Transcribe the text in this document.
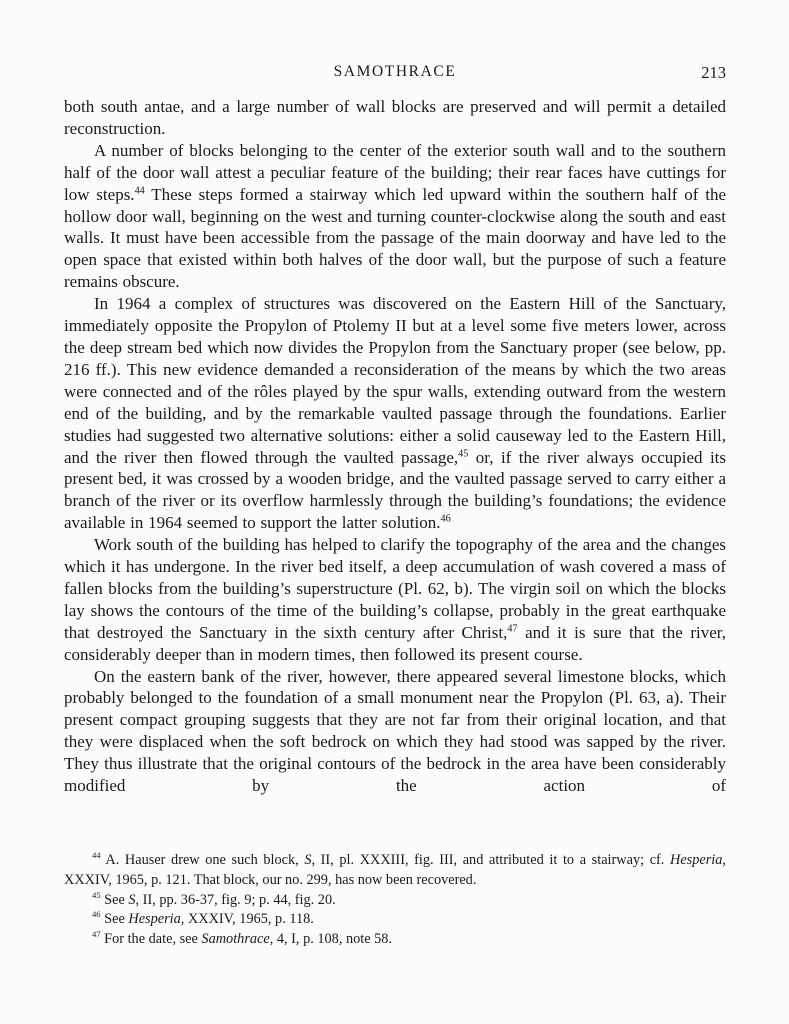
SAMOTHRACE	213

both south antae, and a large number of wall blocks are preserved and will permit a detailed reconstruction.

A number of blocks belonging to the center of the exterior south wall and to the southern half of the door wall attest a peculiar feature of the building; their rear faces have cuttings for low steps.$^{44}$ These steps formed a stairway which led upward within the southern half of the hollow door wall, beginning on the west and turning counter-clockwise along the south and east walls. It must have been accessible from the passage of the main doorway and have led to the open space that existed within both halves of the door wall, but the purpose of such a feature remains obscure.

In 1964 a complex of structures was discovered on the Eastern Hill of the Sanctuary, immediately opposite the Propylon of Ptolemy II but at a level some five meters lower, across the deep stream bed which now divides the Propylon from the Sanctuary proper (see below, pp. 216 ff.). This new evidence demanded a reconsideration of the means by which the two areas were connected and of the rôles played by the spur walls, extending outward from the western end of the building, and by the remarkable vaulted passage through the foundations. Earlier studies had suggested two alternative solutions: either a solid causeway led to the Eastern Hill, and the river then flowed through the vaulted passage,$^{45}$ or, if the river always occupied its present bed, it was crossed by a wooden bridge, and the vaulted passage served to carry either a branch of the river or its overflow harmlessly through the building’s foundations; the evidence available in 1964 seemed to support the latter solution.$^{46}$

Work south of the building has helped to clarify the topography of the area and the changes which it has undergone. In the river bed itself, a deep accumulation of wash covered a mass of fallen blocks from the building’s superstructure (Pl. 62, b). The virgin soil on which the blocks lay shows the contours of the time of the building’s collapse, probably in the great earthquake that destroyed the Sanctuary in the sixth century after Christ,$^{47}$ and it is sure that the river, considerably deeper than in modern times, then followed its present course.

On the eastern bank of the river, however, there appeared several limestone blocks, which probably belonged to the foundation of a small monument near the Propylon (Pl. 63, a). Their present compact grouping suggests that they are not far from their original location, and that they were displaced when the soft bedrock on which they had stood was sapped by the river. They thus illustrate that the original contours of the bedrock in the area have been considerably modified by the action of

$^{44}$ A. Hauser drew one such block, S, II, pl. XXXIII, fig. III, and attributed it to a stairway; cf. Hesperia, XXXIV, 1965, p. 121. That block, our no. 299, has now been recovered.

$^{45}$ See S, II, pp. 36-37, fig. 9; p. 44, fig. 20.

$^{46}$ See Hesperia, XXXIV, 1965, p. 118.

$^{47}$ For the date, see Samothrace, 4, I, p. 108, note 58.
